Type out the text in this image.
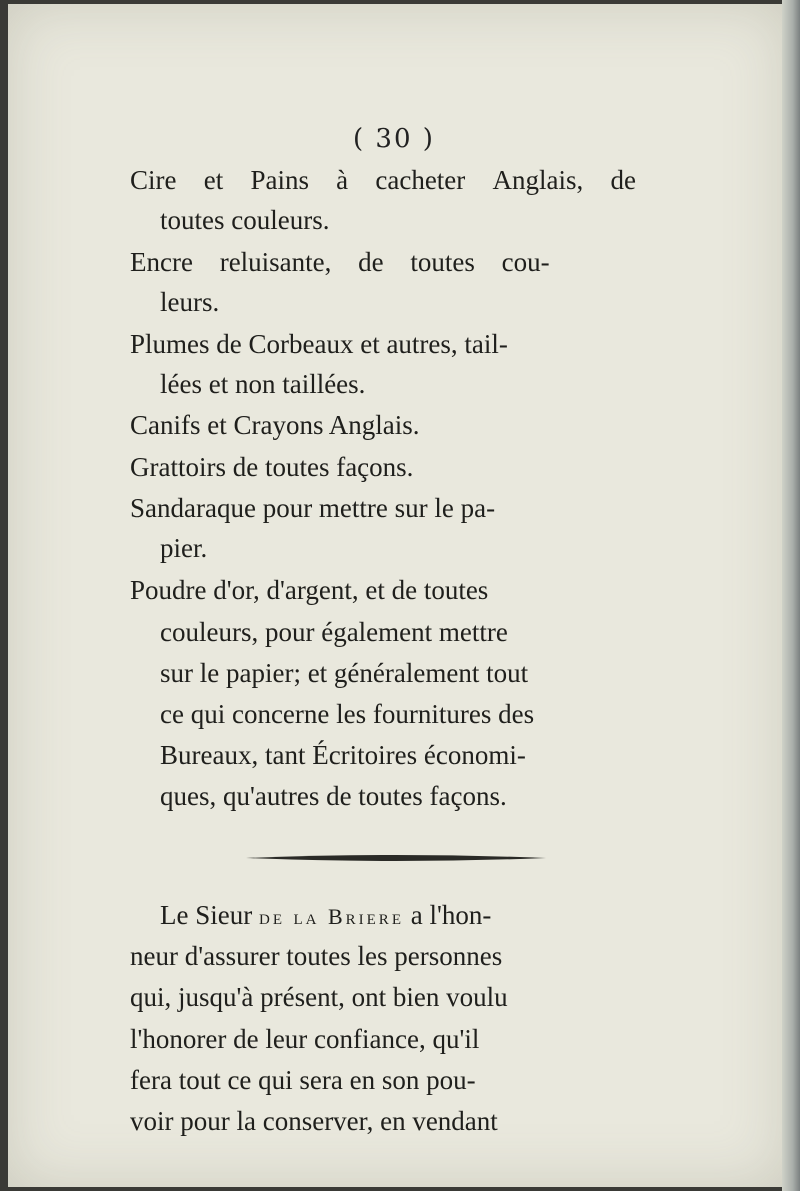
( 30 )
Cire et Pains à cacheter Anglais, de
toutes couleurs.
Encre reluisante, de toutes cou-
leurs.
Plumes de Corbeaux et autres, tail-
lées et non taillées.
Canifs et Crayons Anglais.
Grattoirs de toutes façons.
Sandaraque pour mettre sur le pa-
pier.
Poudre d'or, d'argent, et de toutes
couleurs, pour également mettre
sur le papier; et généralement tout
ce qui concerne les fournitures des
Bureaux, tant Écritoires économi-
ques, qu'autres de toutes façons.
Le Sieur de la Briere a l'hon-
neur d'assurer toutes les personnes
qui, jusqu'à présent, ont bien voulu
l'honorer de leur confiance, qu'il
fera tout ce qui sera en son pou-
voir pour la conserver, en vendant
